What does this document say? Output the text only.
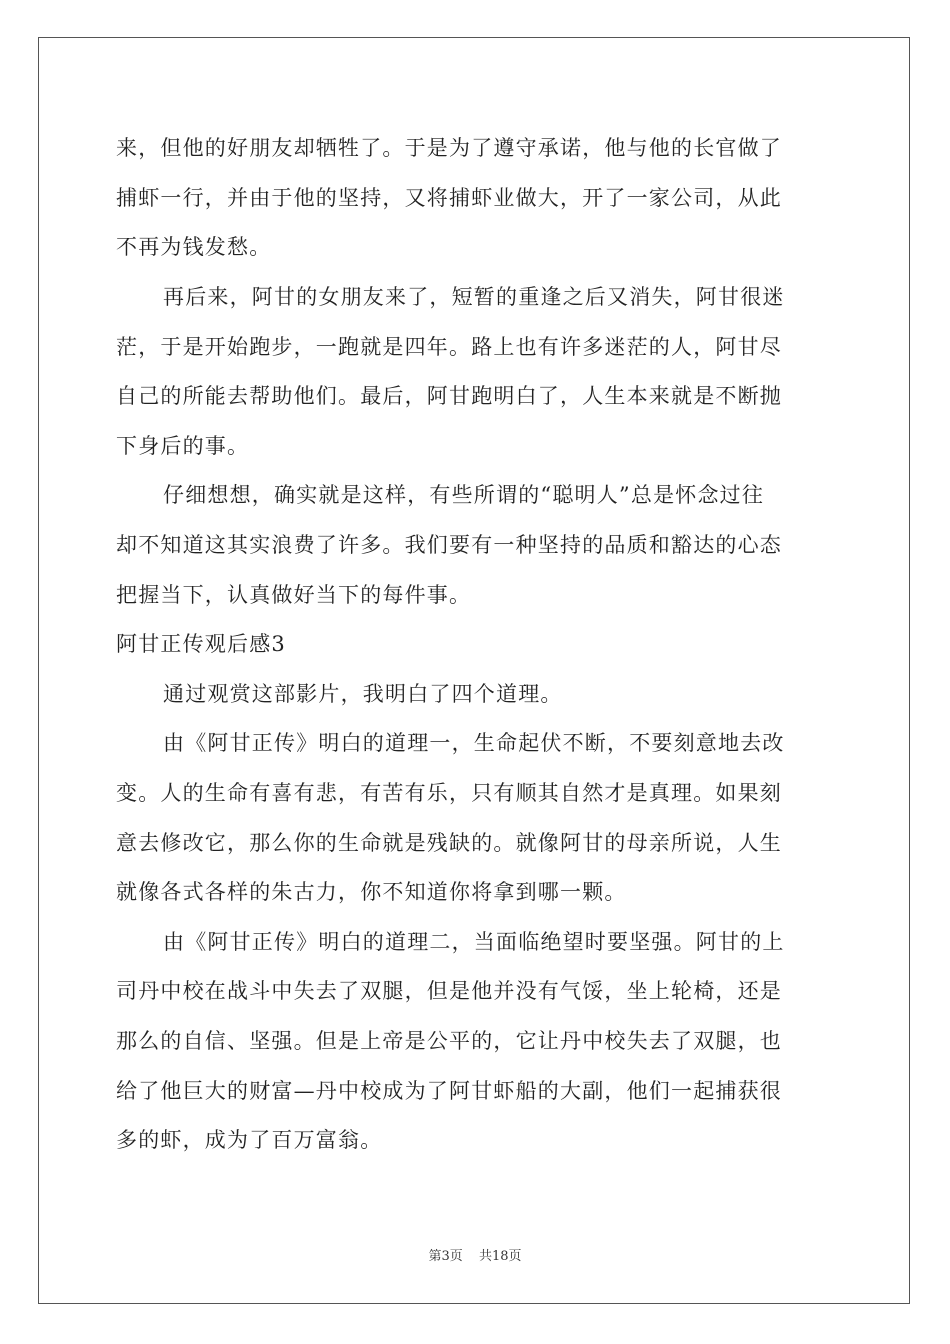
来，但他的好朋友却牺牲了。于是为了遵守承诺，他与他的长官做了
捕虾一行，并由于他的坚持，又将捕虾业做大，开了一家公司，从此
不再为钱发愁。
再后来，阿甘的女朋友来了，短暂的重逢之后又消失，阿甘很迷
茫，于是开始跑步，一跑就是四年。路上也有许多迷茫的人，阿甘尽
自己的所能去帮助他们。最后，阿甘跑明白了，人生本来就是不断抛
下身后的事。
仔细想想，确实就是这样，有些所谓的“聪明人”总是怀念过往
却不知道这其实浪费了许多。我们要有一种坚持的品质和豁达的心态
把握当下，认真做好当下的每件事。
阿甘正传观后感3
通过观赏这部影片，我明白了四个道理。
由《阿甘正传》明白的道理一，生命起伏不断，不要刻意地去改
变。人的生命有喜有悲，有苦有乐，只有顺其自然才是真理。如果刻
意去修改它，那么你的生命就是残缺的。就像阿甘的母亲所说，人生
就像各式各样的朱古力，你不知道你将拿到哪一颗。
由《阿甘正传》明白的道理二，当面临绝望时要坚强。阿甘的上
司丹中校在战斗中失去了双腿，但是他并没有气馁，坐上轮椅，还是
那么的自信、坚强。但是上帝是公平的，它让丹中校失去了双腿，也
给了他巨大的财富—丹中校成为了阿甘虾船的大副，他们一起捕获很
多的虾，成为了百万富翁。
第3页 共18页
